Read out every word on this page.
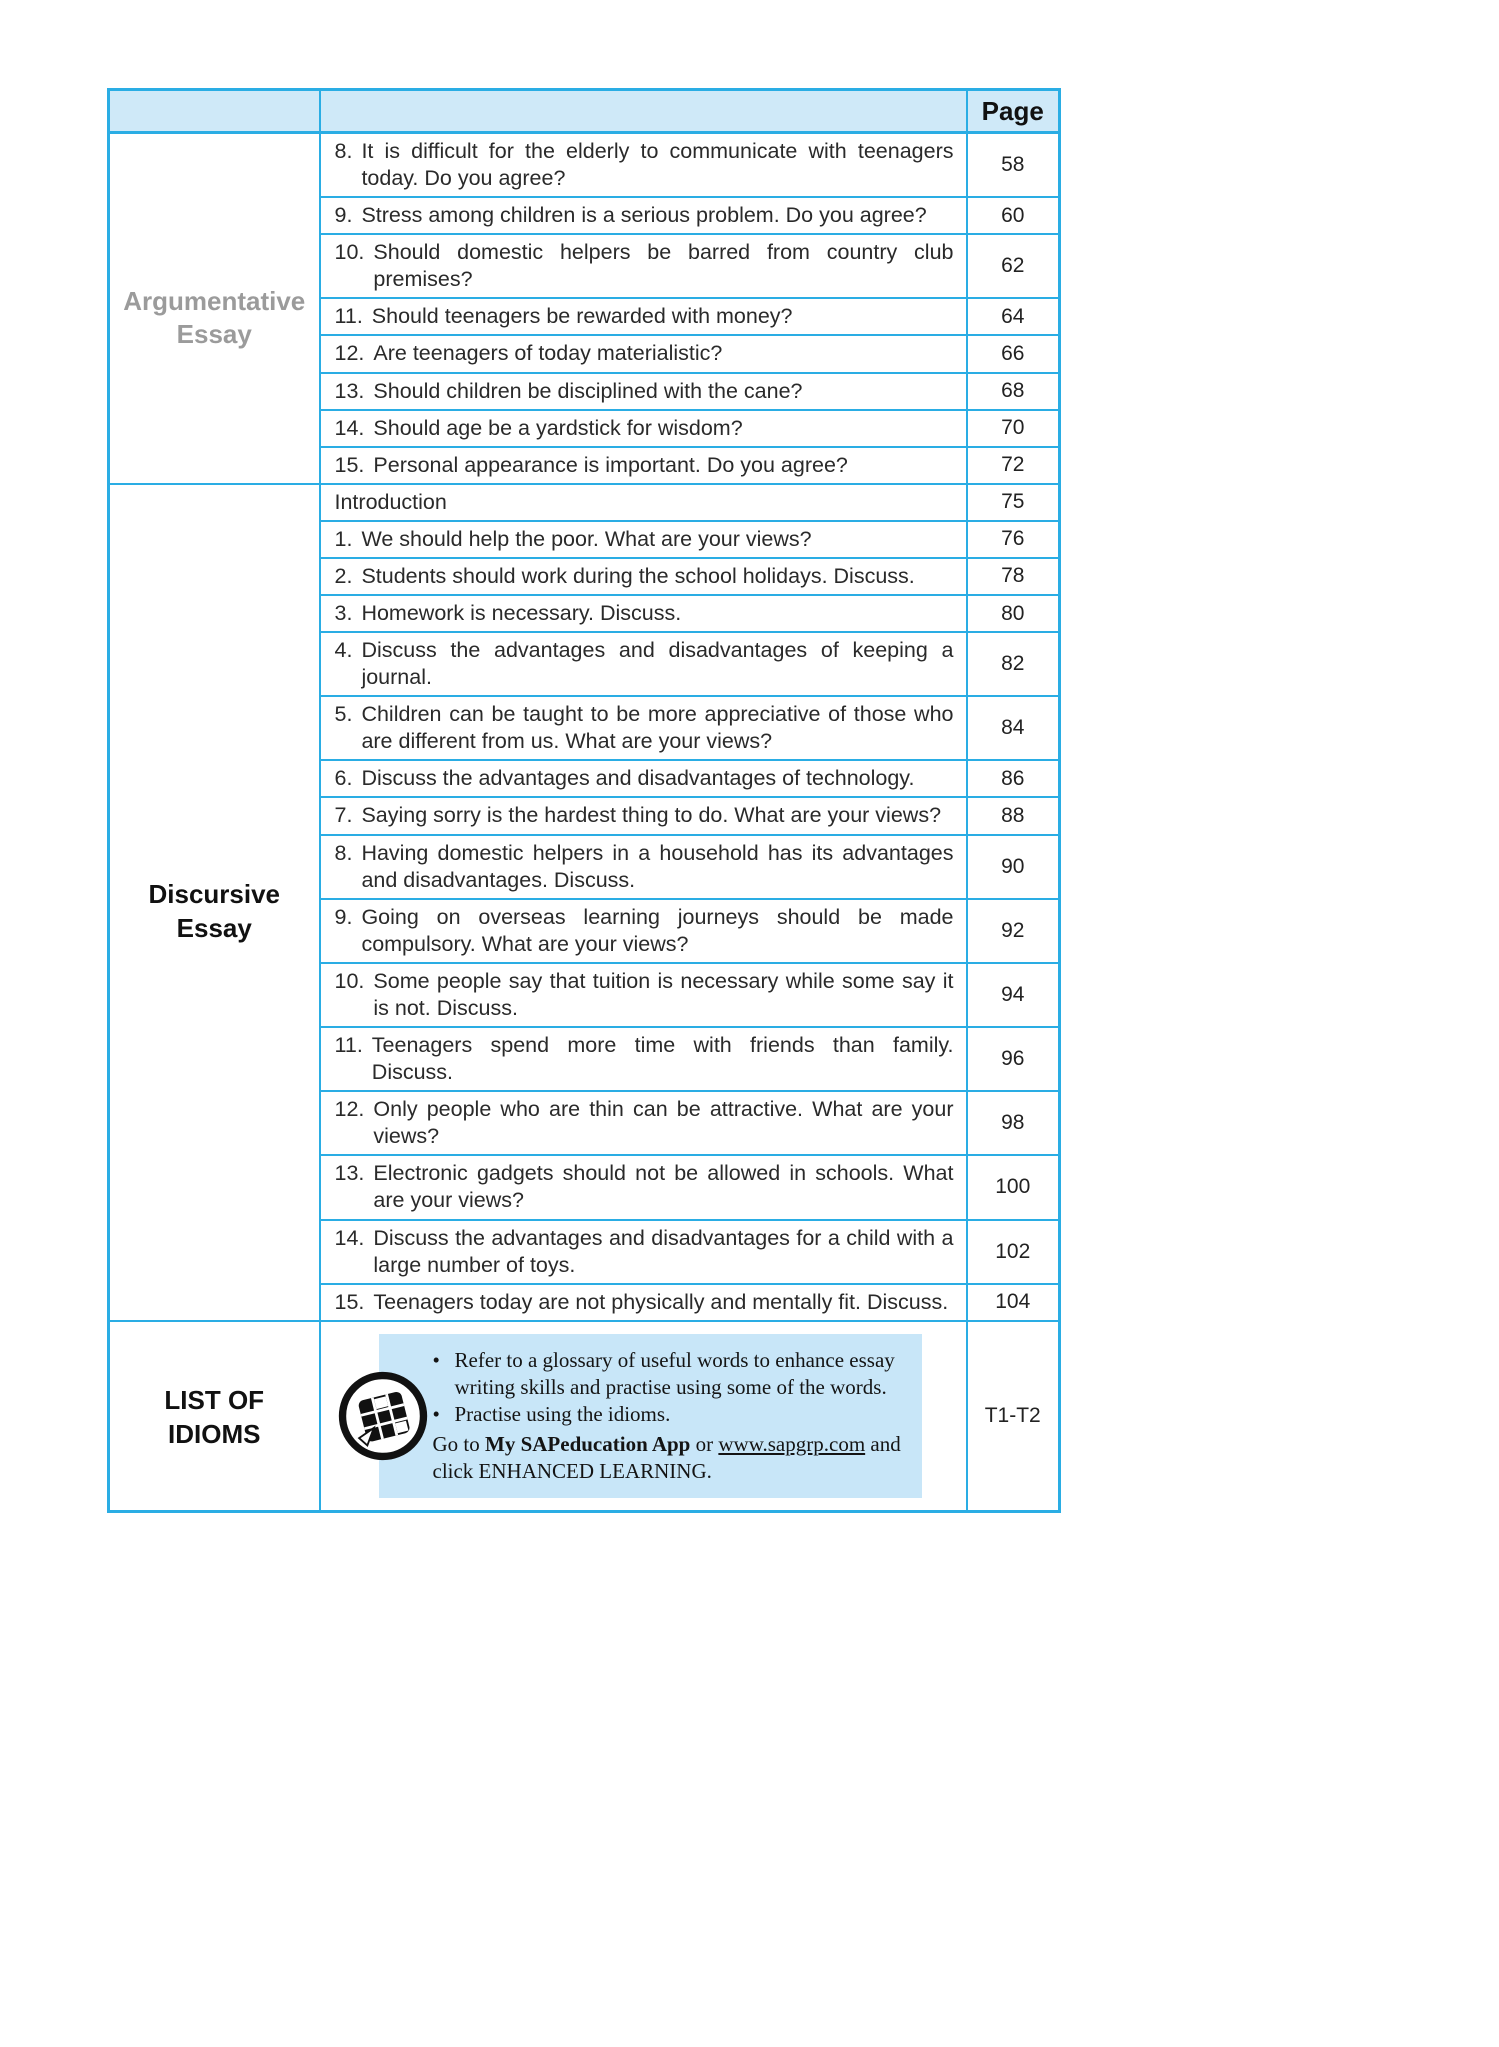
		Page
Argumentative Essay	8. It is difficult for the elderly to communicate with teenagers today. Do you agree?	58

	9. Stress among children is a serious problem. Do you agree?	60

	10. Should domestic helpers be barred from country club premises?	62

	11. Should teenagers be rewarded with money?	64

	12. Are teenagers of today materialistic?	66

	13. Should children be disciplined with the cane?	68

	14. Should age be a yardstick for wisdom?	70

	15. Personal appearance is important. Do you agree?	72
Discursive Essay	Introduction	75

	1. We should help the poor. What are your views?	76

	2. Students should work during the school holidays. Discuss.	78

	3. Homework is necessary. Discuss.	80

	4. Discuss the advantages and disadvantages of keeping a journal.	82

	5. Children can be taught to be more appreciative of those who are different from us. What are your views?	84

	6. Discuss the advantages and disadvantages of technology.	86

	7. Saying sorry is the hardest thing to do. What are your views?	88

	8. Having domestic helpers in a household has its advantages and disadvantages. Discuss.	90

	9. Going on overseas learning journeys should be made compulsory. What are your views?	92

	10. Some people say that tuition is necessary while some say it is not. Discuss.	94

	11. Teenagers spend more time with friends than family. Discuss.	96

	12. Only people who are thin can be attractive. What are your views?	98

	13. Electronic gadgets should not be allowed in schools. What are your views?	100

	14. Discuss the advantages and disadvantages for a child with a large number of toys.	102

	15. Teenagers today are not physically and mentally fit. Discuss.	104
LIST OF IDIOMS	• Refer to a glossary of useful words to enhance essay writing skills and practise using some of the words.
• Practise using the idioms.
Go to My SAPeducation App or www.sapgrp.com and click ENHANCED LEARNING.	T1-T2
